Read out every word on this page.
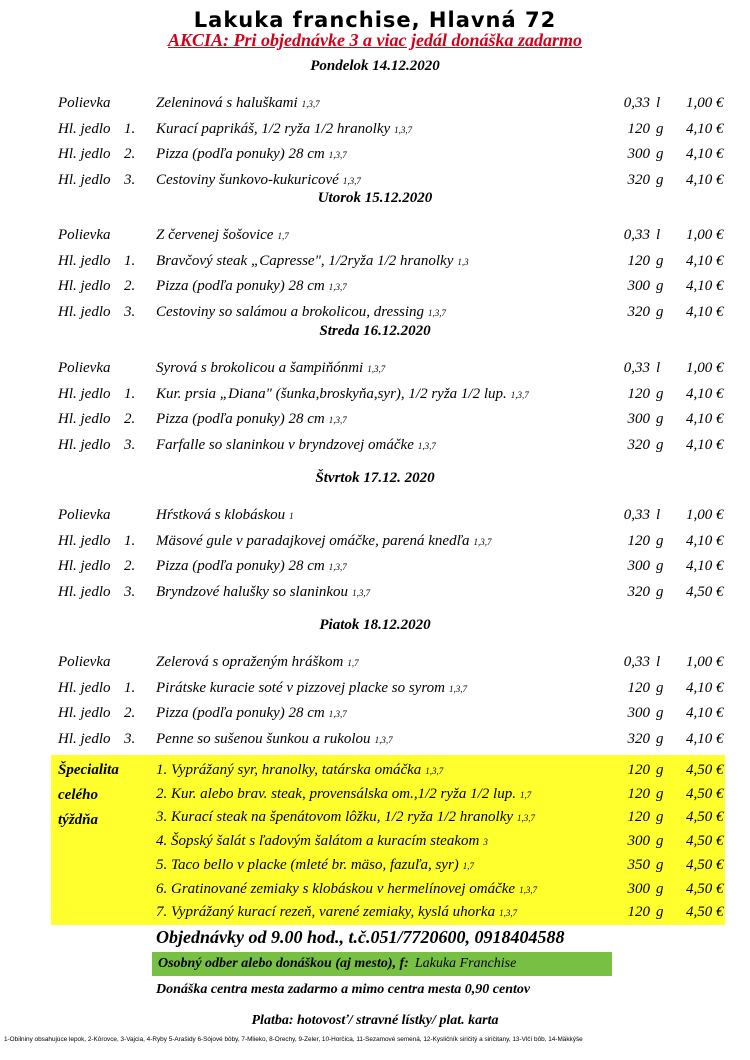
Lakuka franchise, Hlavná 72
AKCIA: Pri objednávke 3 a viac jedál donáška zadarmo
Pondelok 14.12.2020
Polievka	Zeleninová s haluškami 1,3,7	0,33 l 1,00 €
Hl. jedlo 1. Kurací paprikáš, 1/2 ryža 1/2 hranolky 1,3,7	120 g 4,10 €
Hl. jedlo 2. Pizza (podľa ponuky) 28 cm 1,3,7	300 g 4,10 €
Hl. jedlo 3. Cestoviny šunkovo-kukuricové 1,3,7	320 g 4,10 €
Utorok 15.12.2020
Polievka	Z červenej šošovice 1,7	0,33 l 1,00 €
Hl. jedlo 1. Bravčový steak „Capresse", 1/2ryža 1/2 hranolky 1,3	120 g 4,10 €
Hl. jedlo 2. Pizza (podľa ponuky) 28 cm 1,3,7	300 g 4,10 €
Hl. jedlo 3. Cestoviny so salámou a brokolicou, dressing 1,3,7	320 g 4,10 €
Streda 16.12.2020
Polievka	Syrová s brokolicou a šampiňónmi 1,3,7	0,33 l 1,00 €
Hl. jedlo 1. Kur. prsia „Diana" (šunka,broskyňa,syr), 1/2 ryža 1/2 lup. 1,3,7	120 g 4,10 €
Hl. jedlo 2. Pizza (podľa ponuky) 28 cm 1,3,7	300 g 4,10 €
Hl. jedlo 3. Farfalle so slaninkou v bryndzovej omáčke 1,3,7	320 g 4,10 €
Štvrtok 17.12. 2020
Polievka	Hŕstková s klobáskou 1	0,33 l 1,00 €
Hl. jedlo 1. Mäsové gule v paradajkovej omáčke, parená knedľa 1,3,7	120 g 4,10 €
Hl. jedlo 2. Pizza (podľa ponuky) 28 cm 1,3,7	300 g 4,10 €
Hl. jedlo 3. Bryndzové halušky so slaninkou 1,3,7	320 g 4,50 €
Piatok 18.12.2020
Polievka	Zelerová s opraženým hráškom 1,7	0,33 l 1,00 €
Hl. jedlo 1. Pirátske kuracie soté v pizzovej placke so syrom 1,3,7	120 g 4,10 €
Hl. jedlo 2. Pizza (podľa ponuky) 28 cm 1,3,7	300 g 4,10 €
Hl. jedlo 3. Penne so sušenou šunkou a rukolou 1,3,7	320 g 4,10 €
Špecialita
celého
týždňa
1. Vyprážaný syr, hranolky, tatárska omáčka 1,3,7	120 g 4,50 €
2. Kur. alebo brav. steak, provensálska om.,1/2 ryža 1/2 lup. 1,7	120 g 4,50 €
3. Kurací steak na špenátovom lôžku, 1/2 ryža 1/2 hranolky 1,3,7	120 g 4,50 €
4. Šopský šalát s ľadovým šalátom a kuracím steakom 3	300 g 4,50 €
5. Taco bello v placke (mleté br. mäso, fazuľa, syr) 1,7	350 g 4,50 €
6. Gratinované zemiaky s klobáskou v hermelínovej omáčke 1,3,7	300 g 4,50 €
7. Vyprážaný kurací rezeň, varené zemiaky, kyslá uhorka 1,3,7	120 g 4,50 €
Objednávky od 9.00 hod., t.č.051/7720600, 0918404588
Osobný odber alebo donáškou (aj mesto), f: Lakuka Franchise
Donáška centra mesta zadarmo a mimo centra mesta 0,90 centov
Platba: hotovosť/ stravné lístky/ plat. karta
1-Obilniny obsahujúce lepok, 2-Kôrovce, 3-Vajcia, 4-Ryby 5-Arašidy 6-Sójové bôby, 7-Mlieko, 8-Orechy, 9-Zeler, 10-Horčica, 11-Sezamové semená, 12-Kysličník siričitý a siričitany, 13-Vlčí bôb, 14-Mäkkýše
